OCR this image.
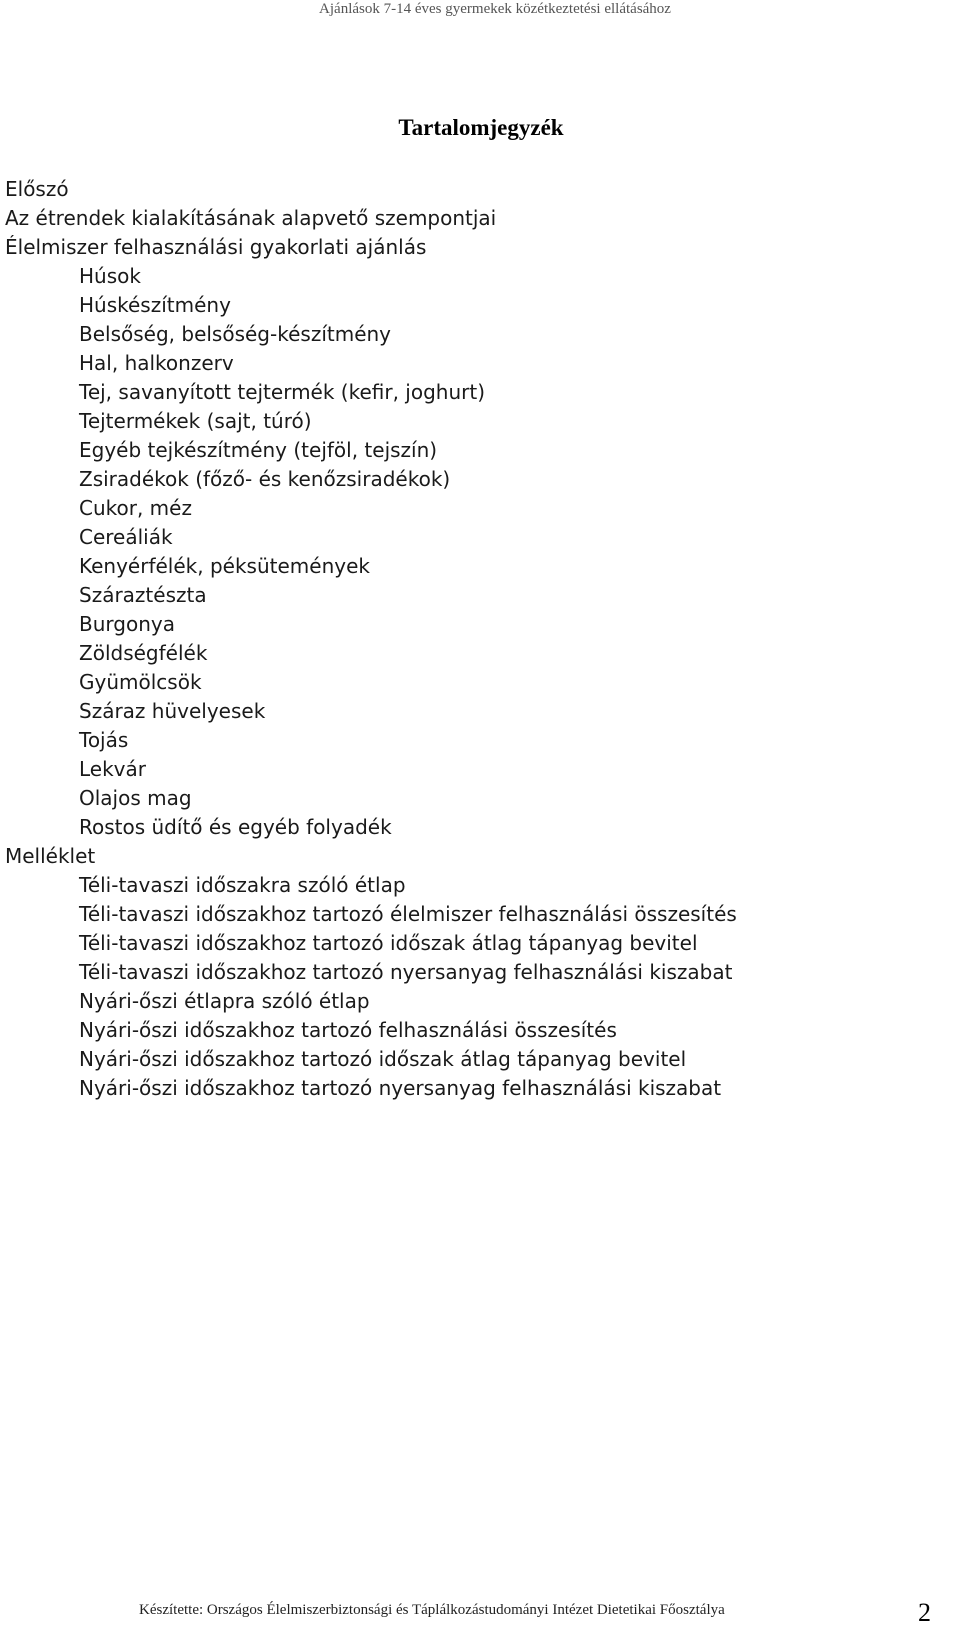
Ajánlások 7-14 éves gyermekek közétkeztetési ellátásához
Tartalomjegyzék
Előszó
Az étrendek kialakításának alapvető szempontjai
Élelmiszer felhasználási gyakorlati ajánlás
Húsok
Húskészítmény
Belsőség, belsőség-készítmény
Hal, halkonzerv
Tej, savanyított tejtermék (kefir, joghurt)
Tejtermékek (sajt, túró)
Egyéb tejkészítmény (tejföl, tejszín)
Zsiradékok (főző- és kenőzsiradékok)
Cukor, méz
Cereáliák
Kenyérfélék, péksütemények
Száraztészta
Burgonya
Zöldségfélék
Gyümölcsök
Száraz hüvelyesek
Tojás
Lekvár
Olajos mag
Rostos üdítő és egyéb folyadék
Melléklet
Téli-tavaszi időszakra szóló étlap
Téli-tavaszi időszakhoz tartozó élelmiszer felhasználási összesítés
Téli-tavaszi időszakhoz tartozó időszak átlag tápanyag bevitel
Téli-tavaszi időszakhoz tartozó nyersanyag felhasználási kiszabat
Nyári-őszi étlapra szóló étlap
Nyári-őszi időszakhoz tartozó felhasználási összesítés
Nyári-őszi időszakhoz tartozó időszak átlag tápanyag bevitel
Nyári-őszi időszakhoz tartozó nyersanyag felhasználási kiszabat
Készítette: Országos Élelmiszerbiztonsági és Táplálkozástudományi Intézet Dietetikai Főosztálya	2
